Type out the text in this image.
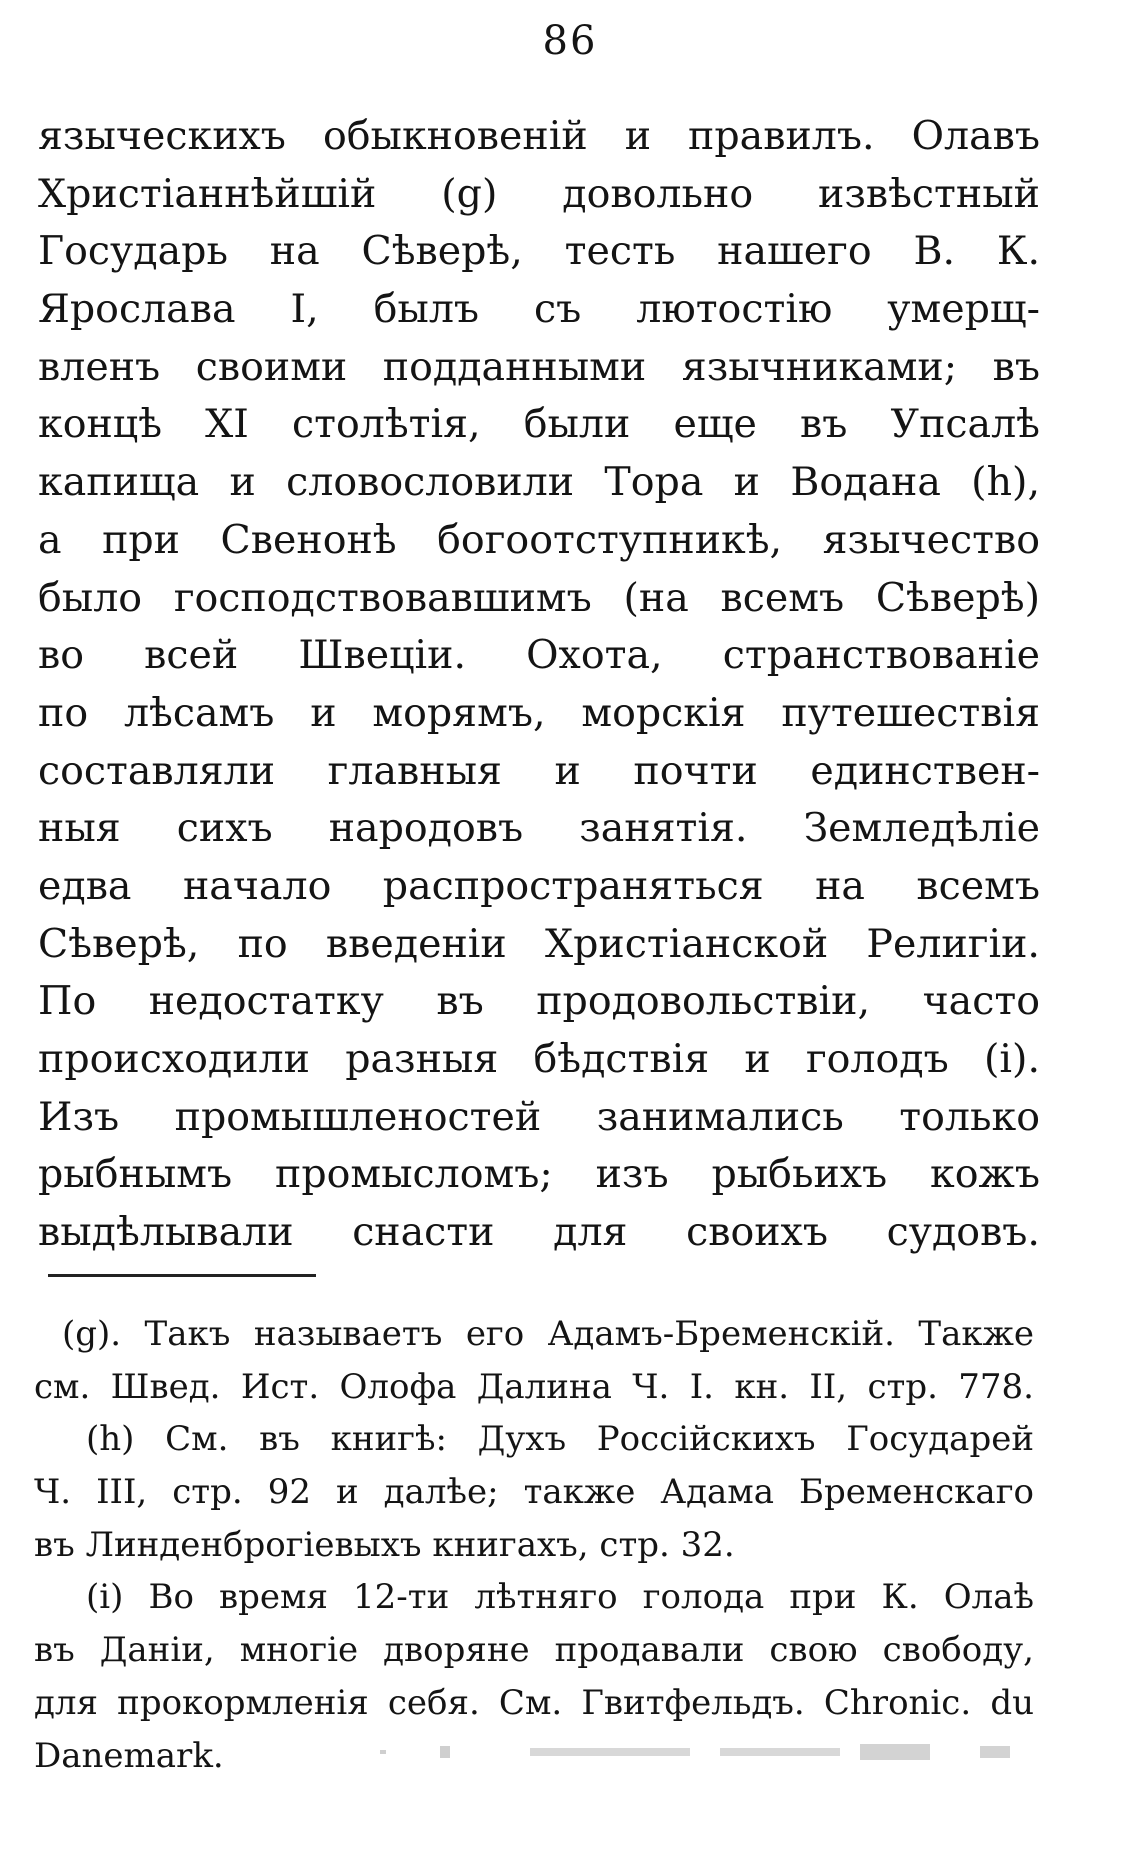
86
языческихъ обыкновеній и правилъ. Олавъ
Христіаннѣйшій (g) довольно извѣстный
Государь на Сѣверѣ, тесть нашего В. К.
Ярослава I, былъ съ лютостію умерщ-
вленъ своими подданными язычниками; въ
концѣ XI столѣтія, были еще въ Упсалѣ
капища и словословили Тора и Водана (h),
а при Свенонѣ богоотступникѣ, язычество
было господствовавшимъ (на всемъ Сѣверѣ)
во всей Швеціи. Охота, странствованіе
по лѣсамъ и морямъ, морскія путешествія
составляли главныя и почти единствен-
ныя сихъ народовъ занятія. Земледѣліе
едва начало распространяться на всемъ
Сѣверѣ, по введеніи Христіанской Религіи.
По недостатку въ продовольствіи, часто
происходили разныя бѣдствія и голодъ (i).
Изъ промышленостей занимались только
рыбнымъ промысломъ; изъ рыбьихъ кожъ
выдѣлывали снасти для своихъ судовъ.
(g). Такъ называетъ его Адамъ-Бременскій. Также
см. Швед. Ист. Олофа Далина Ч. I. кн. II, стр. 778.
(h) См. въ книгѣ: Духъ Россійскихъ Государей
Ч. III, стр. 92 и далѣе; также Адама Бременскаго
въ Линденброгіевыхъ книгахъ, стр. 32.
(i) Во время 12-ти лѣтняго голода при К. Олаѣ
въ Даніи, многіе дворяне продавали свою свободу,
для прокормленія себя. См. Гвитфельдъ. Chronic. du
Danemark.
